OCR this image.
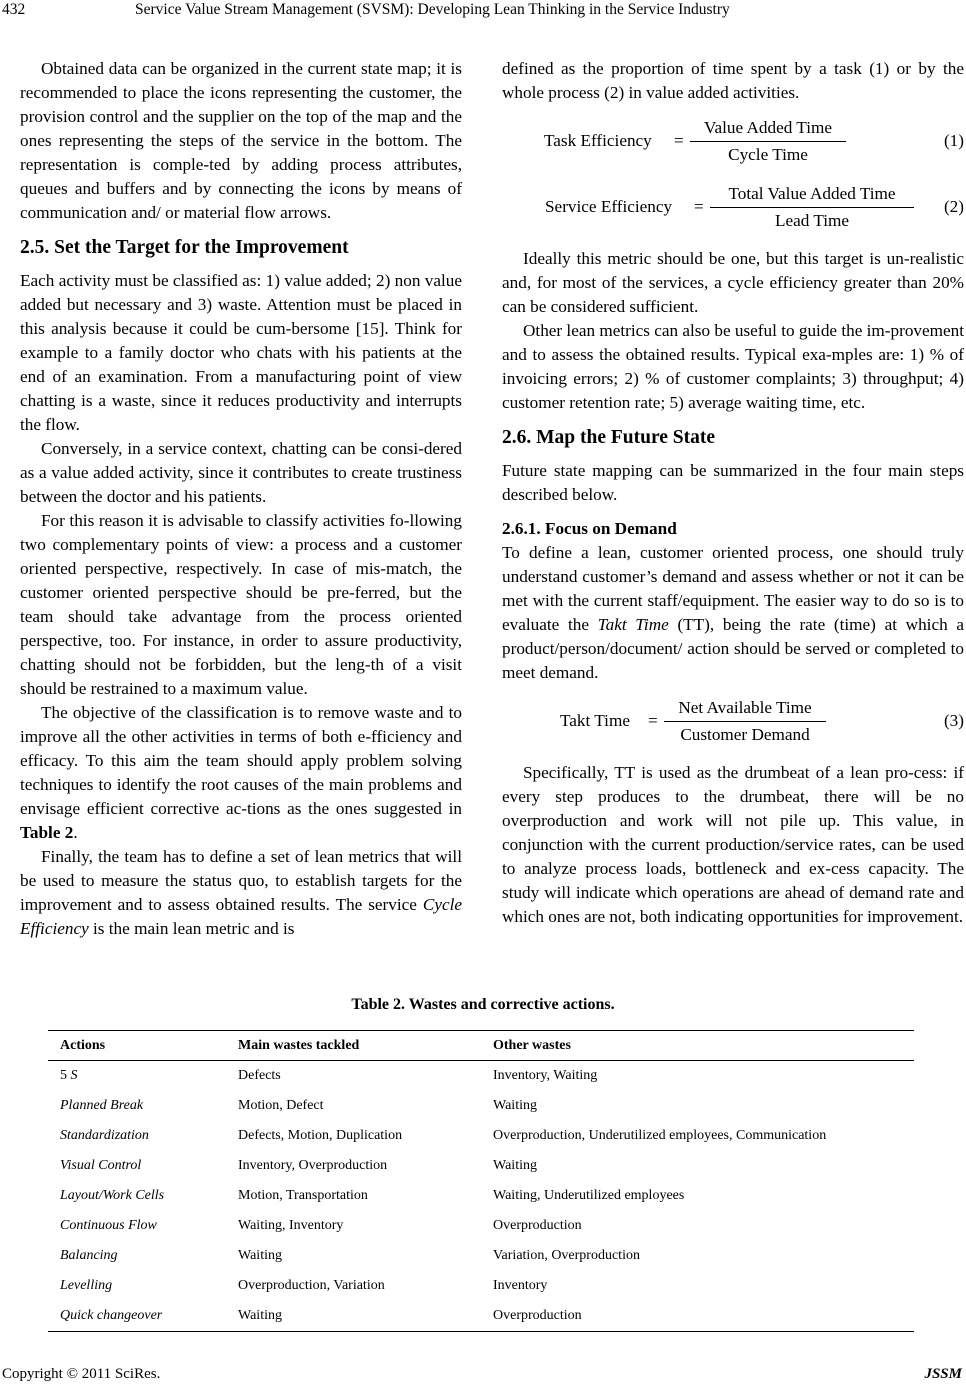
432	Service Value Stream Management (SVSM): Developing Lean Thinking in the Service Industry

Obtained data can be organized in the current state map; it is recommended to place the icons representing the customer, the provision control and the supplier on the top of the map and the ones representing the steps of the service in the bottom. The representation is comple-ted by adding process attributes, queues and buffers and by connecting the icons by means of communication and/ or material flow arrows.

2.5. Set the Target for the Improvement

Each activity must be classified as: 1) value added; 2) non value added but necessary and 3) waste. Attention must be placed in this analysis because it could be cum-bersome [15]. Think for example to a family doctor who chats with his patients at the end of an examination. From a manufacturing point of view chatting is a waste, since it reduces productivity and interrupts the flow.

Conversely, in a service context, chatting can be consi-dered as a value added activity, since it contributes to create trustiness between the doctor and his patients.

For this reason it is advisable to classify activities fo-llowing two complementary points of view: a process and a customer oriented perspective, respectively. In case of mis-match, the customer oriented perspective should be pre-ferred, but the team should take advantage from the process oriented perspective, too. For instance, in order to assure productivity, chatting should not be forbidden, but the leng-th of a visit should be restrained to a maximum value.

The objective of the classification is to remove waste and to improve all the other activities in terms of both e-fficiency and efficacy. To this aim the team should apply problem solving techniques to identify the root causes of the main problems and envisage efficient corrective ac-tions as the ones suggested in Table 2.

Finally, the team has to define a set of lean metrics that will be used to measure the status quo, to establish targets for the improvement and to assess obtained results. The service Cycle Efficiency is the main lean metric and is

defined as the proportion of time spent by a task (1) or by the whole process (2) in value added activities.

Task Efficiency =
Value Added Time
Cycle Time
(1)
Service Efficiency =
Total Value Added Time
Lead Time
(2)

Ideally this metric should be one, but this target is un-realistic and, for most of the services, a cycle efficiency greater than 20% can be considered sufficient.

Other lean metrics can also be useful to guide the im-provement and to assess the obtained results. Typical exa-mples are: 1) % of invoicing errors; 2) % of customer complaints; 3) throughput; 4) customer retention rate; 5) average waiting time, etc.

2.6. Map the Future State

Future state mapping can be summarized in the four main steps described below.

2.6.1. Focus on Demand

To define a lean, customer oriented process, one should truly understand customer’s demand and assess whether or not it can be met with the current staff/equipment. The easier way to do so is to evaluate the Takt Time (TT), being the rate (time) at which a product/person/document/ action should be served or completed to meet demand.

Takt Time =
Net Available Time
Customer Demand
(3)

Specifically, TT is used as the drumbeat of a lean pro-cess: if every step produces to the drumbeat, there will be no overproduction and work will not pile up. This value, in conjunction with the current production/service rates, can be used to analyze process loads, bottleneck and ex-cess capacity. The study will indicate which operations are ahead of demand rate and which ones are not, both indicating opportunities for improvement.

Table 2. Wastes and corrective actions.
Actions	Main wastes tackled	Other wastes
5 S	Defects	Inventory, Waiting
Planned Break	Motion, Defect	Waiting
Standardization	Defects, Motion, Duplication	Overproduction, Underutilized employees, Communication
Visual Control	Inventory, Overproduction	Waiting
Layout/Work Cells	Motion, Transportation	Waiting, Underutilized employees
Continuous Flow	Waiting, Inventory	Overproduction
Balancing	Waiting	Variation, Overproduction
Levelling	Overproduction, Variation	Inventory
Quick changeover	Waiting	Overproduction
Copyright © 2011 SciRes.	JSSM
